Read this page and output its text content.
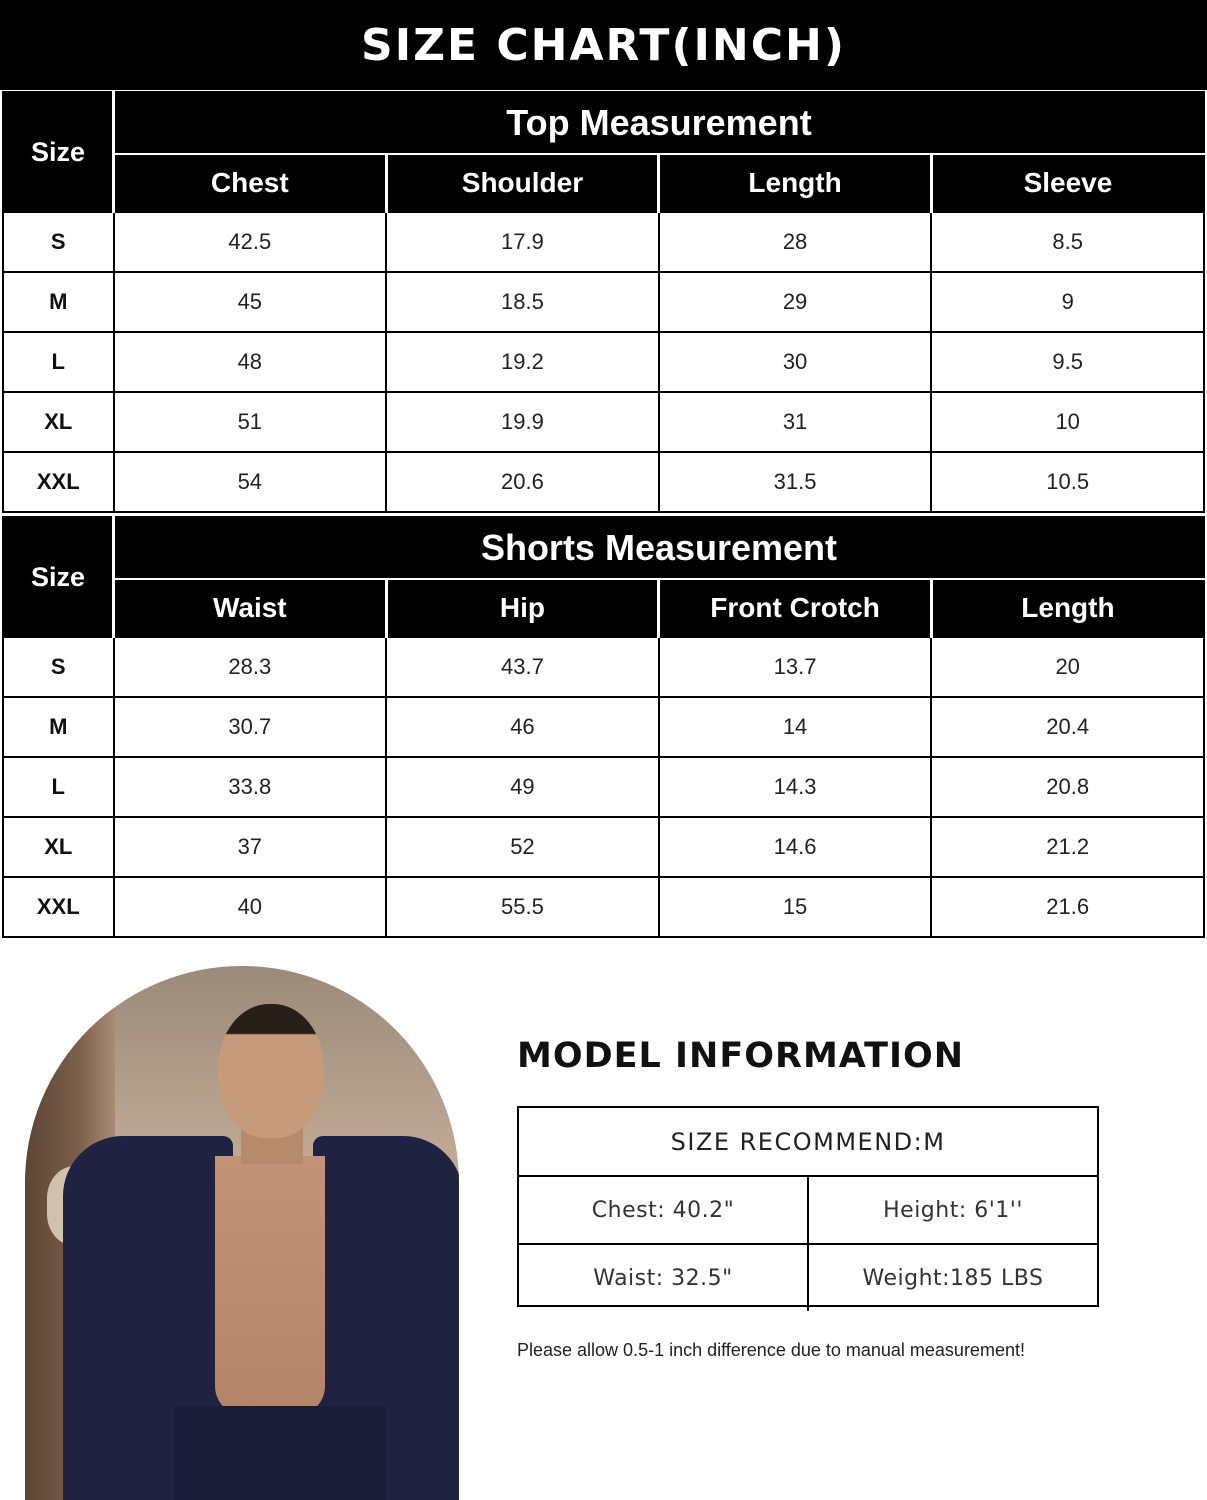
SIZE CHART(INCH)
Size	Top Measurement			
	Chest	Shoulder	Length	Sleeve
S	42.5	17.9	28	8.5
M	45	18.5	29	9
L	48	19.2	30	9.5
XL	51	19.9	31	10
XXL	54	20.6	31.5	10.5
Size	Shorts Measurement			
	Waist	Hip	Front Crotch	Length
S	28.3	43.7	13.7	20
M	30.7	46	14	20.4
L	33.8	49	14.3	20.8
XL	37	52	14.6	21.2
XXL	40	55.5	15	21.6
MODEL INFORMATION
SIZE RECOMMEND:M
Chest: 40.2"	Height: 6'1''
Waist: 32.5"	Weight:185 LBS
Please allow 0.5-1 inch difference due to manual measurement!
